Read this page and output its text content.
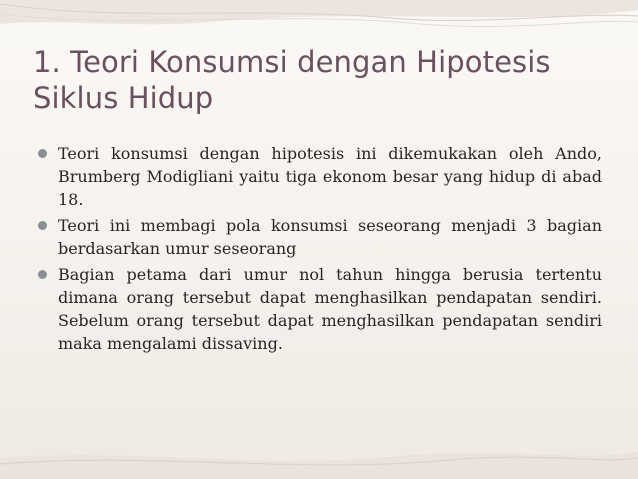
1. Teori Konsumsi dengan Hipotesis Siklus Hidup
Teori konsumsi dengan hipotesis ini dikemukakan oleh Ando, Brumberg Modigliani yaitu tiga ekonom besar yang hidup di abad 18.
Teori ini membagi pola konsumsi seseorang menjadi 3 bagian berdasarkan umur seseorang
Bagian petama dari umur nol tahun hingga berusia tertentu dimana orang tersebut dapat menghasilkan pendapatan sendiri. Sebelum orang tersebut dapat menghasilkan pendapatan sendiri maka mengalami dissaving.
